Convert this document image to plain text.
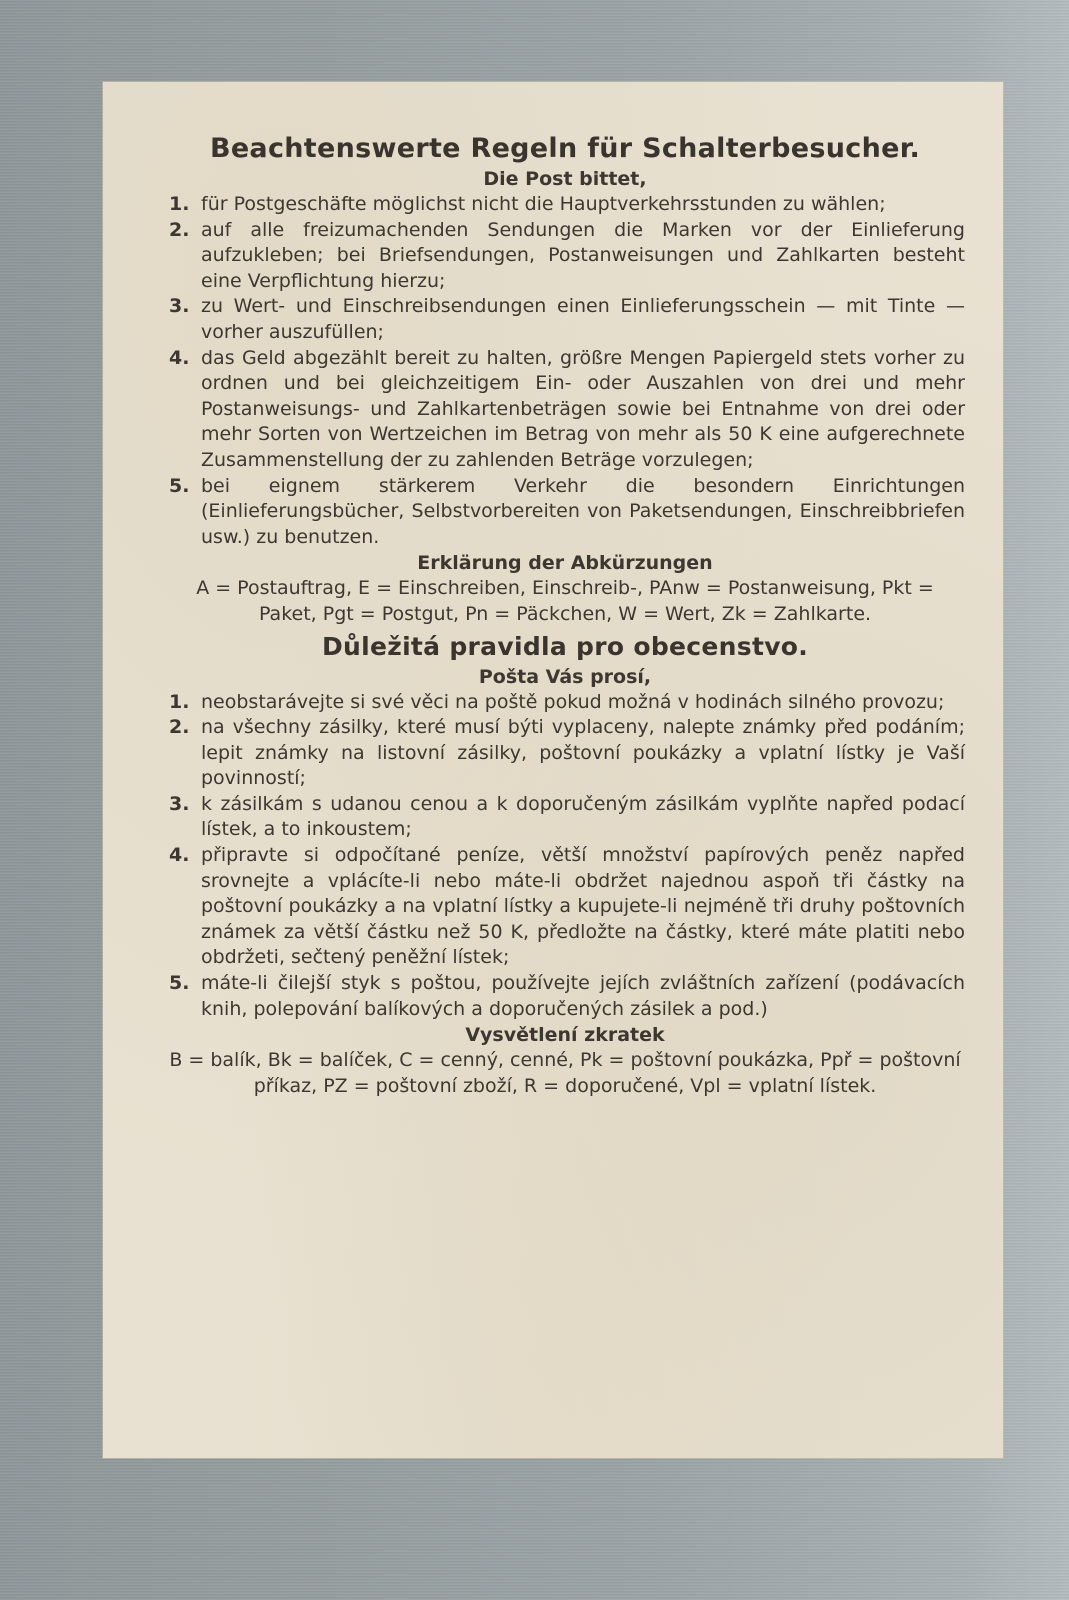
Beachtenswerte Regeln für Schalterbesucher.

Die Post bittet,

1. für Postgeschäfte möglichst nicht die Hauptverkehrsstunden zu wählen;
2. auf alle freizumachenden Sendungen die Marken vor der Einlieferung aufzukleben; bei Briefsendungen, Postanweisungen und Zahlkarten besteht eine Verpflichtung hierzu;
3. zu Wert- und Einschreibsendungen einen Einlieferungsschein — mit Tinte — vorher auszufüllen;
4. das Geld abgezählt bereit zu halten, größre Mengen Papiergeld stets vorher zu ordnen und bei gleichzeitigem Ein- oder Auszahlen von drei und mehr Postanweisungs- und Zahlkartenbeträgen sowie bei Entnahme von drei oder mehr Sorten von Wertzeichen im Betrag von mehr als 50 K eine aufgerechnete Zusammenstellung der zu zahlenden Beträge vorzulegen;
5. bei eignem stärkerem Verkehr die besondern Einrichtungen (Einlieferungsbücher, Selbstvorbereiten von Paketsendungen, Einschreibbriefen usw.) zu benutzen.

Erklärung der Abkürzungen

A = Postauftrag, E = Einschreiben, Einschreib-, PAnw = Postanweisung, Pkt = Paket, Pgt = Postgut, Pn = Päckchen, W = Wert, Zk = Zahlkarte.

Důležitá pravidla pro obecenstvo.

Pošta Vás prosí,

1. neobstarávejte si své věci na poště pokud možná v hodinách silného provozu;
2. na všechny zásilky, které musí býti vyplaceny, nalepte známky před podáním; lepit známky na listovní zásilky, poštovní poukázky a vplatní lístky je Vaší povinností;
3. k zásilkám s udanou cenou a k doporučeným zásilkám vyplňte napřed podací lístek, a to inkoustem;
4. připravte si odpočítané peníze, větší množství papírových peněz napřed srovnejte a vplácíte-li nebo máte-li obdržet najednou aspoň tři částky na poštovní poukázky a na vplatní lístky a kupujete-li nejméně tři druhy poštovních známek za větší částku než 50 K, předložte na částky, které máte platiti nebo obdržeti, sečtený peněžní lístek;
5. máte-li čilejší styk s poštou, používejte jejích zvláštních zařízení (podávacích knih, polepování balíkových a doporučených zásilek a pod.)

Vysvětlení zkratek

B = balík, Bk = balíček, C = cenný, cenné, Pk = poštovní poukázka, Ppř = poštovní příkaz, PZ = poštovní zboží, R = doporučené, Vpl = vplatní lístek.
